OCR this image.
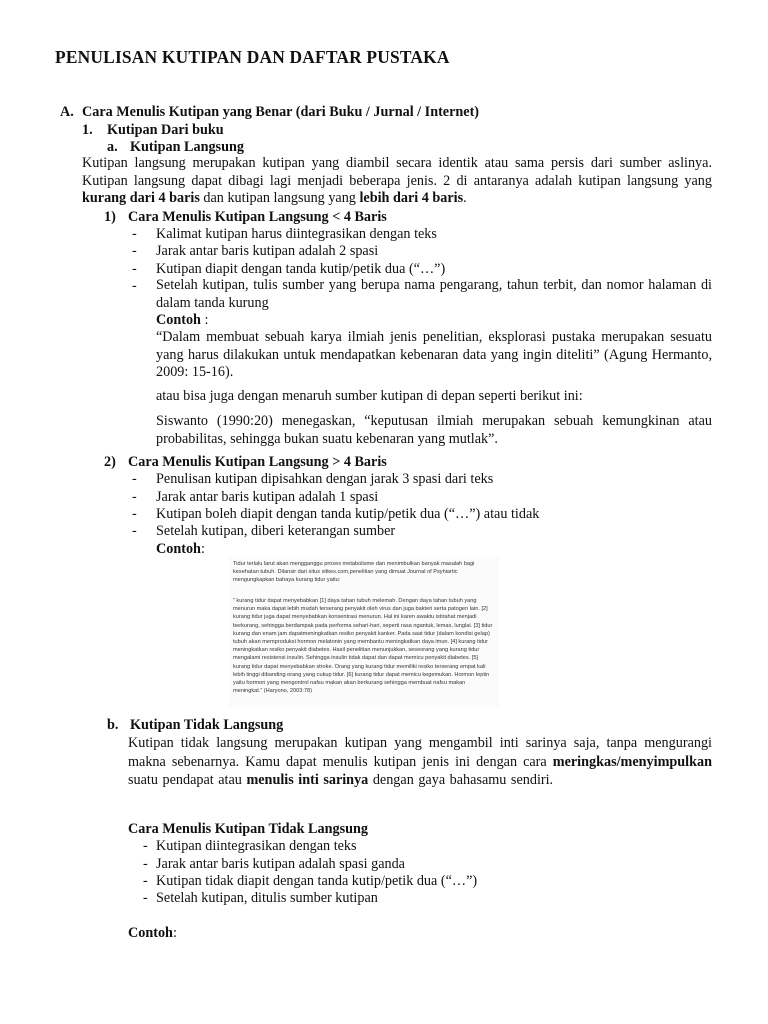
PENULISAN KUTIPAN DAN DAFTAR PUSTAKA
A. Cara Menulis Kutipan yang Benar (dari Buku / Jurnal / Internet)
1. Kutipan Dari buku
a. Kutipan Langsung
Kutipan langsung merupakan kutipan yang diambil secara identik atau sama persis dari sumber aslinya. Kutipan langsung dapat dibagi lagi menjadi beberapa jenis. 2 di antaranya adalah kutipan langsung yang kurang dari 4 baris dan kutipan langsung yang lebih dari 4 baris.
1) Cara Menulis Kutipan Langsung < 4 Baris
- Kalimat kutipan harus diintegrasikan dengan teks
- Jarak antar baris kutipan adalah 2 spasi
- Kutipan diapit dengan tanda kutip/petik dua (“…”)
- Setelah kutipan, tulis sumber yang berupa nama pengarang, tahun terbit, dan nomor halaman di dalam tanda kurung
Contoh :
“Dalam membuat sebuah karya ilmiah jenis penelitian, eksplorasi pustaka merupakan sesuatu yang harus dilakukan untuk mendapatkan kebenaran data yang ingin diteliti” (Agung Hermanto, 2009: 15-16).
atau bisa juga dengan menaruh sumber kutipan di depan seperti berikut ini:
Siswanto (1990:20) menegaskan, “keputusan ilmiah merupakan sebuah kemungkinan atau probabilitas, sehingga bukan suatu kebenaran yang mutlak”.
2) Cara Menulis Kutipan Langsung > 4 Baris
- Penulisan kutipan dipisahkan dengan jarak 3 spasi dari teks
- Jarak antar baris kutipan adalah 1 spasi
- Kutipan boleh diapit dengan tanda kutip/petik dua (“…”) atau tidak
- Setelah kutipan, diberi keterangan sumber
Contoh:
Tidur terlalu larut akan mengganggu proses metabolisme dan menimbulkan banyak masalah bagi kesehatan tubuh. Dilansir dari situs sitkes.com,penelitian yang dimuat Journal of Psyhiartic mengungkapkan bahaya kurang tidur yaitu:
“ kurang tidur dapat menyebabkan [1] daya tahan tubuh melemah. Dengan daya tahan tubuh yang menurun maka dapat lebih mudah terserang penyakit oleh virus dan juga bakteri serta patogen lain. [2] kurang tidur juga dapat menyebabkan konsentrasi menurun. Hal ini karen awaktu istirahat menjadi berkurang, sehingga berdampak pada performa sehari-hari, seperti rasa ngantuk, lemas, lunglai. [3] tidur kurang dan enam jam dapatmeningkatkan resiko penyakit kanker. Pada saat tidur (dalam kondisi gelap) tubuh akan memproduksi hormon melatonin yang membantu meningkatkan daya imun. [4] kurang tidur meningkatkan resiko penyakit diabetes. Hasil penelitian menunjukkan, seseorang yang kurang tidur mengalami resistensi insulin. Sehingga insulin tidak dapat dan dapat memicu penyakit diabetes. [5] kurang tidur dapat menyebabkan stroke. Orang yang kurang tidur memiliki resiko terserang empat kali lebih tinggi dibanding orang yang cukup tidur. [6] kurang tidur dapat memicu kegemukan. Hormon leptin yaitu hormon yang mengontrol nafsu makan akan berkurang sehingga membuat nafsu makan meningkat.” (Haryono, 2003:78)
b. Kutipan Tidak Langsung
Kutipan tidak langsung merupakan kutipan yang mengambil inti sarinya saja, tanpa mengurangi makna sebenarnya. Kamu dapat menulis kutipan jenis ini dengan cara meringkas/menyimpulkan suatu pendapat atau menulis inti sarinya dengan gaya bahasamu sendiri.
Cara Menulis Kutipan Tidak Langsung
- Kutipan diintegrasikan dengan teks
- Jarak antar baris kutipan adalah spasi ganda
- Kutipan tidak diapit dengan tanda kutip/petik dua (“…”)
- Setelah kutipan, ditulis sumber kutipan
Contoh:
